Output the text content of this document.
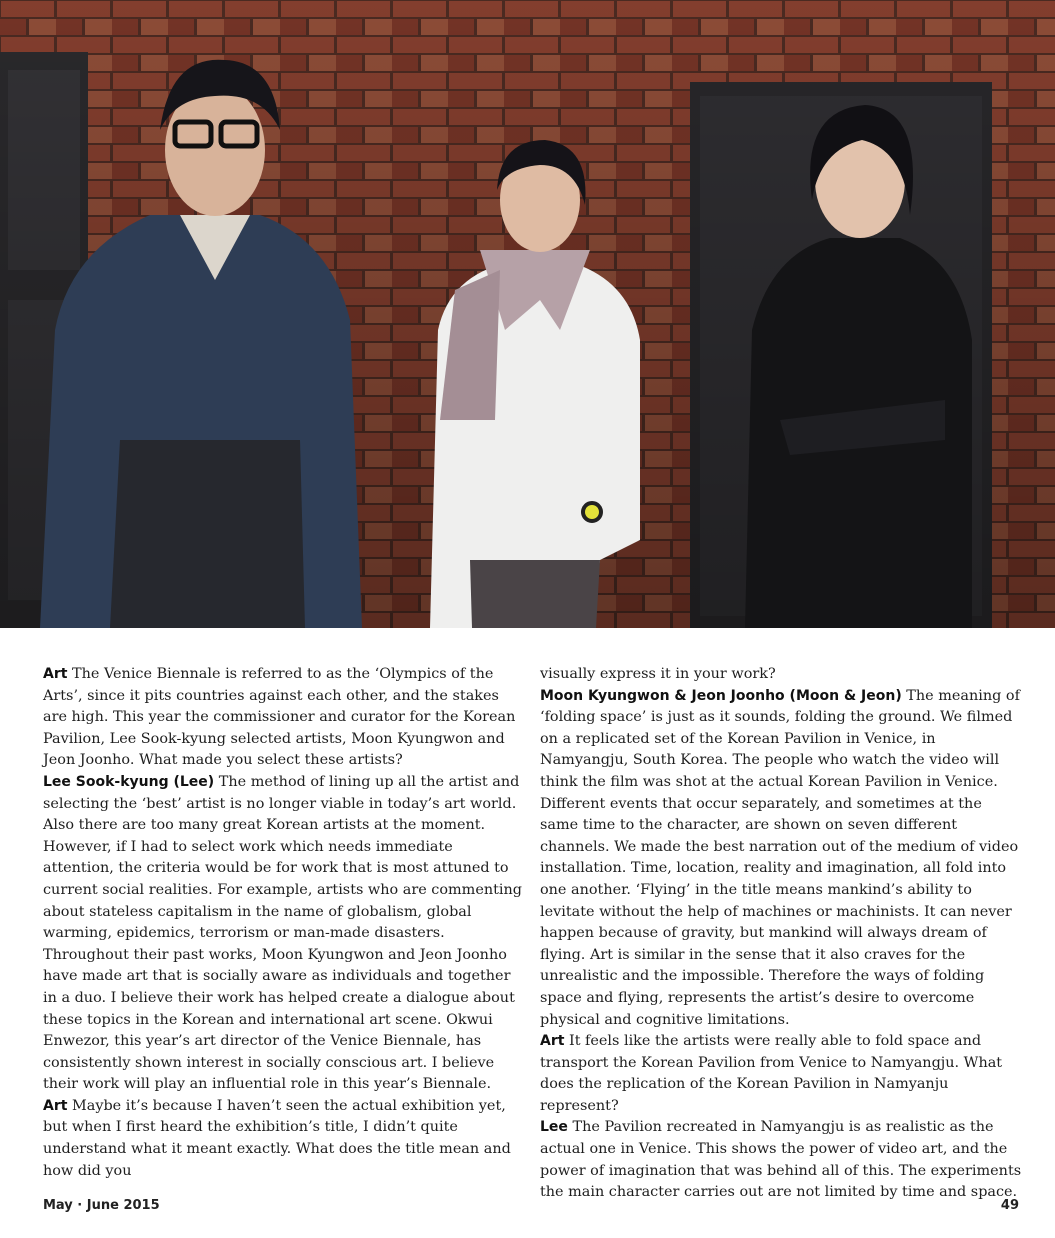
Art The Venice Biennale is referred to as the ‘Olympics of the Arts’, since it pits countries against each other, and the stakes are high. This year the commissioner and curator for the Korean Pavilion, Lee Sook-kyung selected artists, Moon Kyungwon and Jeon Joonho. What made you select these artists?

Lee Sook-kyung (Lee) The method of lining up all the artist and selecting the ‘best’ artist is no longer viable in today’s art world. Also there are too many great Korean artists at the moment. However, if I had to select work which needs immediate attention, the criteria would be for work that is most attuned to current social realities. For example, artists who are commenting about stateless capitalism in the name of globalism, global warming, epidemics, terrorism or man-made disasters. Throughout their past works, Moon Kyungwon and Jeon Joonho have made art that is socially aware as individuals and together in a duo. I believe their work has helped create a dialogue about these topics in the Korean and international art scene. Okwui Enwezor, this year’s art director of the Venice Biennale, has consistently shown interest in socially conscious art. I believe their work will play an influential role in this year’s Biennale.

Art Maybe it’s because I haven’t seen the actual exhibition yet, but when I first heard the exhibition’s title, I didn’t quite understand what it meant exactly. What does the title mean and how did you

visually express it in your work?

Moon Kyungwon & Jeon Joonho (Moon & Jeon) The meaning of ‘folding space’ is just as it sounds, folding the ground. We filmed on a replicated set of the Korean Pavilion in Venice, in Namyangju, South Korea. The people who watch the video will think the film was shot at the actual Korean Pavilion in Venice. Different events that occur separately, and sometimes at the same time to the character, are shown on seven different channels. We made the best narration out of the medium of video installation. Time, location, reality and imagination, all fold into one another. ‘Flying’ in the title means mankind’s ability to levitate without the help of machines or machinists. It can never happen because of gravity, but mankind will always dream of flying. Art is similar in the sense that it also craves for the unrealistic and the impossible. Therefore the ways of folding space and flying, represents the artist’s desire to overcome physical and cognitive limitations.

Art It feels like the artists were really able to fold space and transport the Korean Pavilion from Venice to Namyangju. What does the replication of the Korean Pavilion in Namyanju represent?

Lee The Pavilion recreated in Namyangju is as realistic as the actual one in Venice. This shows the power of video art, and the power of imagination that was behind all of this. The experiments the main character carries out are not limited by time and space.

May · June 2015	49
